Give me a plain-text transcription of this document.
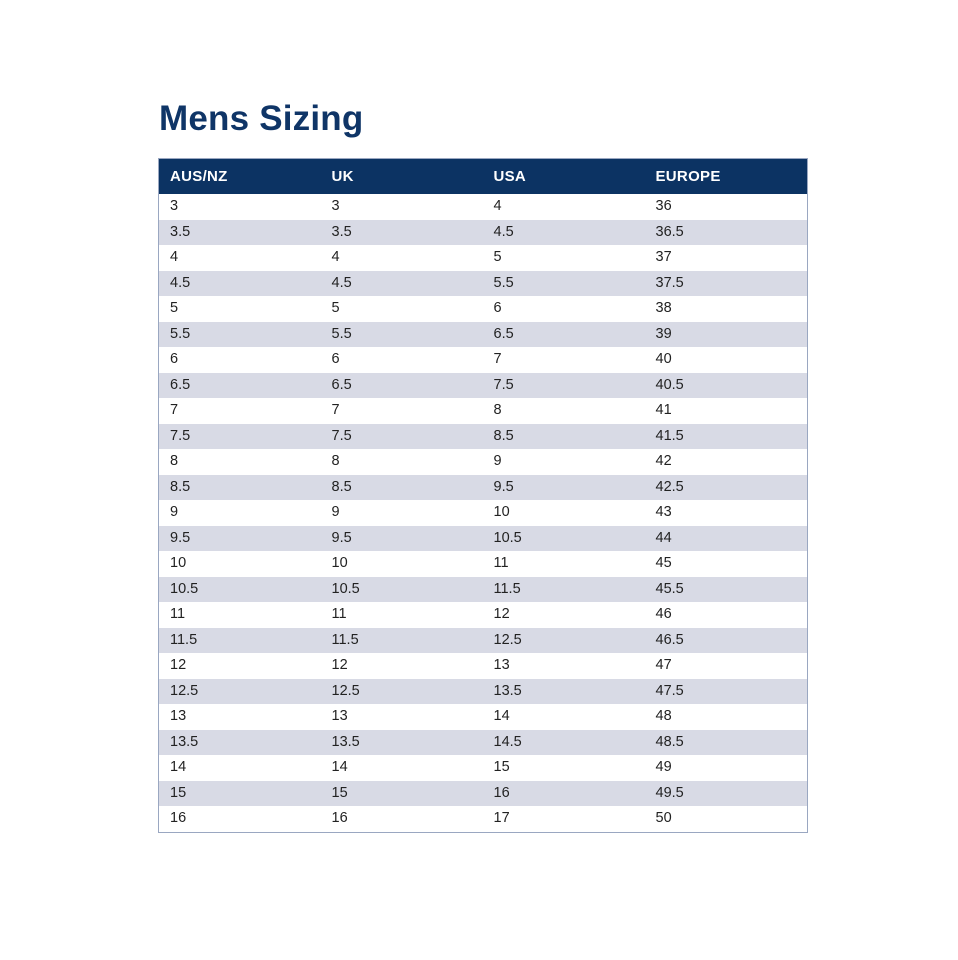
Mens Sizing
AUS/NZ	UK	USA	EUROPE
3	3	4	36
3.5	3.5	4.5	36.5
4	4	5	37
4.5	4.5	5.5	37.5
5	5	6	38
5.5	5.5	6.5	39
6	6	7	40
6.5	6.5	7.5	40.5
7	7	8	41
7.5	7.5	8.5	41.5
8	8	9	42
8.5	8.5	9.5	42.5
9	9	10	43
9.5	9.5	10.5	44
10	10	11	45
10.5	10.5	11.5	45.5
11	11	12	46
11.5	11.5	12.5	46.5
12	12	13	47
12.5	12.5	13.5	47.5
13	13	14	48
13.5	13.5	14.5	48.5
14	14	15	49
15	15	16	49.5
16	16	17	50
